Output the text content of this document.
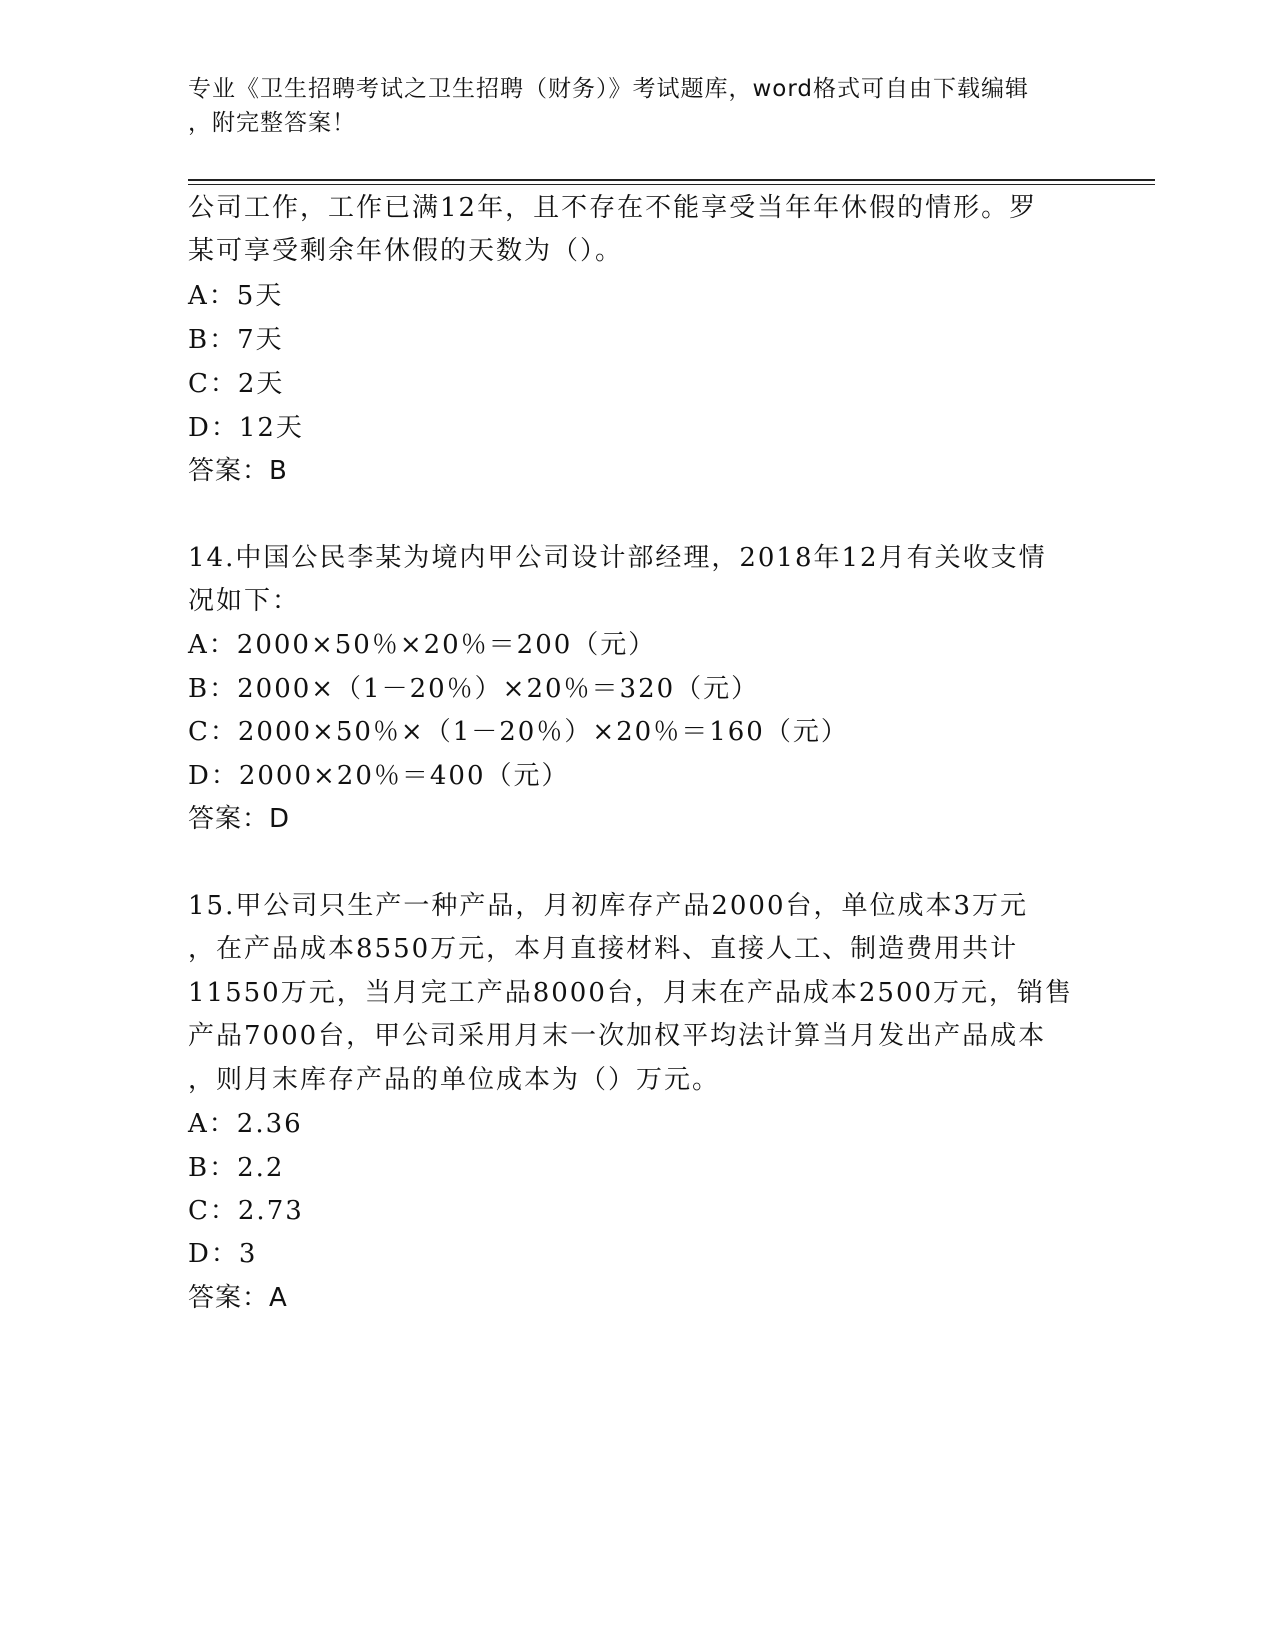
专业《卫生招聘考试之卫生招聘（财务）》考试题库，word格式可自由下载编辑
，附完整答案！
公司工作，工作已满12年，且不存在不能享受当年年休假的情形。罗
某可享受剩余年休假的天数为（）。
A：5天
B：7天
C：2天
D：12天
答案：B
14.中国公民李某为境内甲公司设计部经理，2018年12月有关收支情
况如下：
A：2000×50％×20％＝200（元）
B：2000×（1－20％）×20％＝320（元）
C：2000×50％×（1－20％）×20％＝160（元）
D：2000×20％＝400（元）
答案：D
15.甲公司只生产一种产品，月初库存产品2000台，单位成本3万元
，在产品成本8550万元，本月直接材料、直接人工、制造费用共计
11550万元，当月完工产品8000台，月末在产品成本2500万元，销售
产品7000台，甲公司采用月末一次加权平均法计算当月发出产品成本
，则月末库存产品的单位成本为（）万元。
A：2.36
B：2.2
C：2.73
D：3
答案：A
